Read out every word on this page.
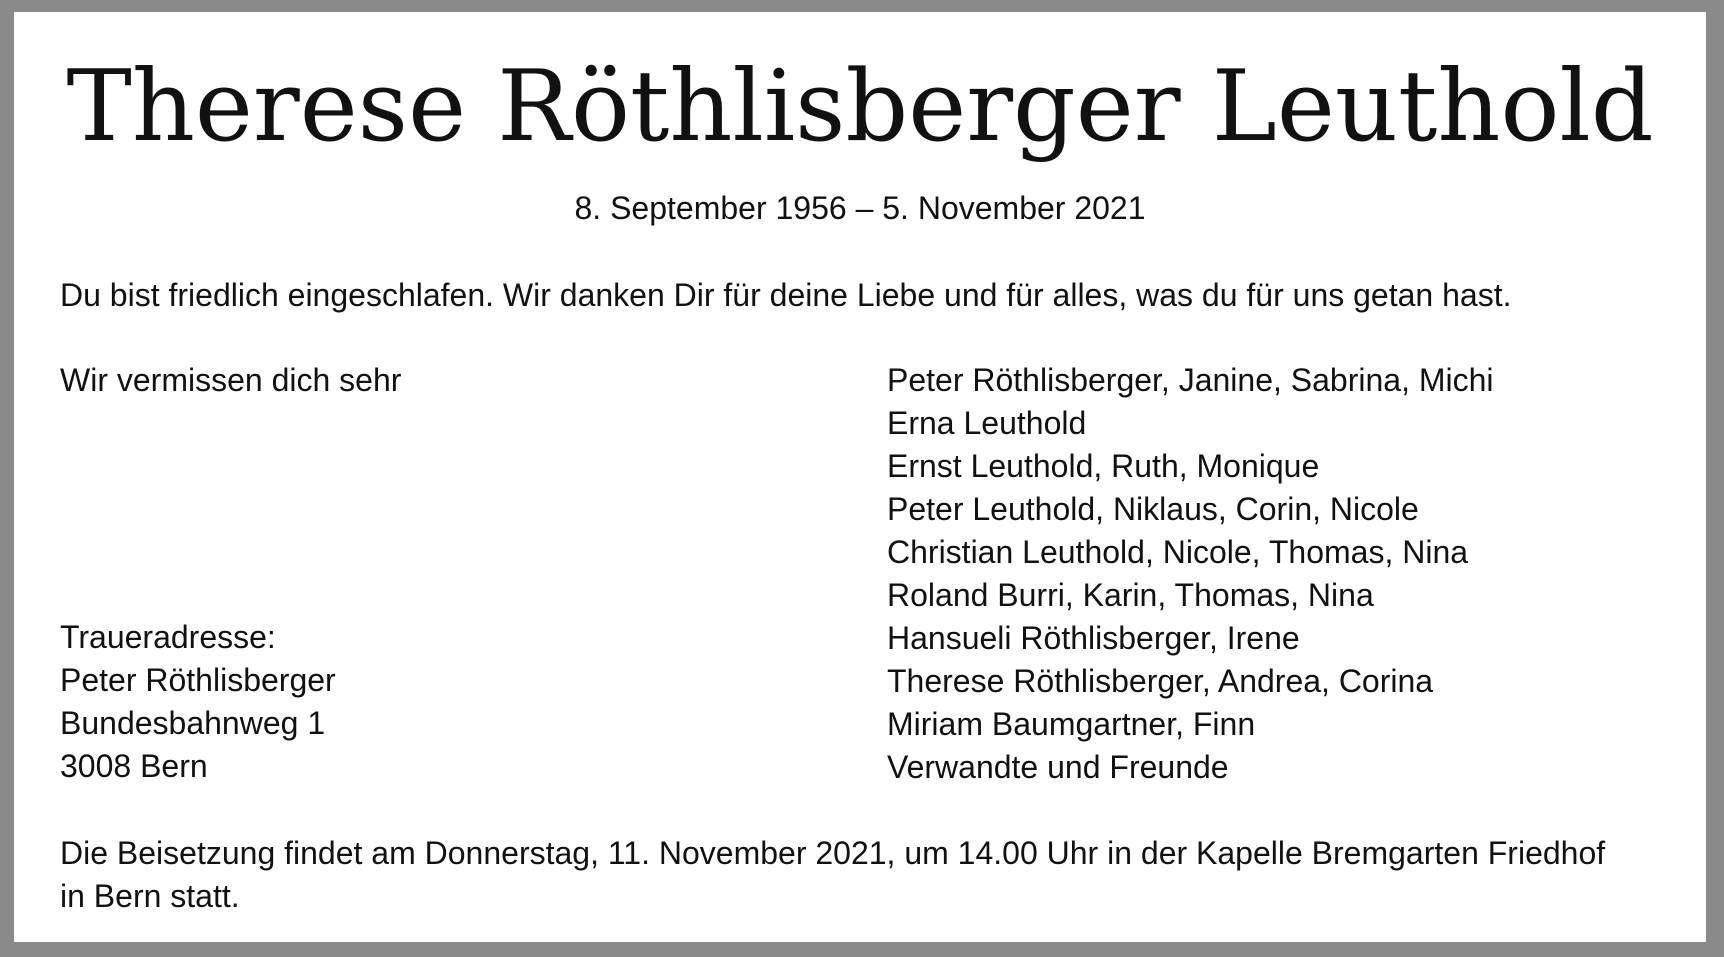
Therese Röthlisberger Leuthold
8. September 1956 – 5. November 2021
Du bist friedlich eingeschlafen. Wir danken Dir für deine Liebe und für alles, was du für uns getan hast.
Wir vermissen dich sehr	Peter Röthlisberger, Janine, Sabrina, Michi
Erna Leuthold
Ernst Leuthold, Ruth, Monique
Peter Leuthold, Niklaus, Corin, Nicole
Christian Leuthold, Nicole, Thomas, Nina
Roland Burri, Karin, Thomas, Nina
Hansueli Röthlisberger, Irene
Therese Röthlisberger, Andrea, Corina
Miriam Baumgartner, Finn
Verwandte und Freunde
Traueradresse:
Peter Röthlisberger
Bundesbahnweg 1
3008 Bern
Die Beisetzung findet am Donnerstag, 11. November 2021, um 14.00 Uhr in der Kapelle Bremgarten Friedhof
in Bern statt.
